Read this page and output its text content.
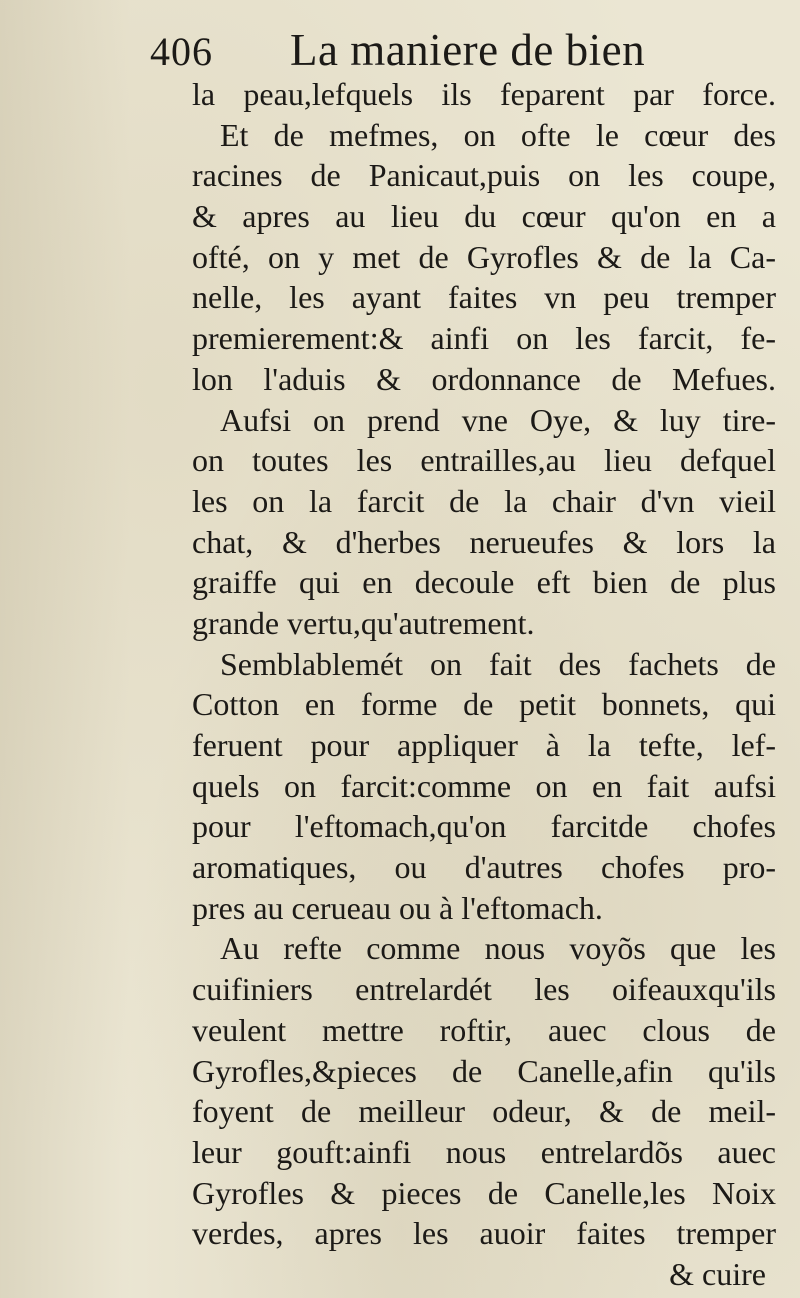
406	La maniere de bien
la peau,lefquels ils feparent par force.
Et de mefmes, on ofte le cœur des
racines de Panicaut,puis on les coupe,
& apres au lieu du cœur qu'on en a
ofté, on y met de Gyrofles & de la Ca-
nelle, les ayant faites vn peu tremper
premierement:& ainfi on les farcit, fe-
lon l'aduis & ordonnance de Mefues.
Aufsi on prend vne Oye, & luy tire-
on toutes les entrailles,au lieu defquel
les on la farcit de la chair d'vn vieil
chat, & d'herbes nerueufes & lors la
graiffe qui en decoule eft bien de plus
grande vertu,qu'autrement.
Semblablemét on fait des fachets de
Cotton en forme de petit bonnets, qui
feruent pour appliquer à la tefte, lef-
quels on farcit:comme on en fait aufsi
pour l'eftomach,qu'on farcitde chofes
aromatiques, ou d'autres chofes pro-
pres au cerueau ou à l'eftomach.
Au refte comme nous voyõs que les
cuifiniers entrelardét les oifeauxqu'ils
veulent mettre roftir, auec clous de
Gyrofles,&pieces de Canelle,afin qu'ils
foyent de meilleur odeur, & de meil-
leur gouft:ainfi nous entrelardõs auec
Gyrofles & pieces de Canelle,les Noix
verdes, apres les auoir faites tremper
& cuire
